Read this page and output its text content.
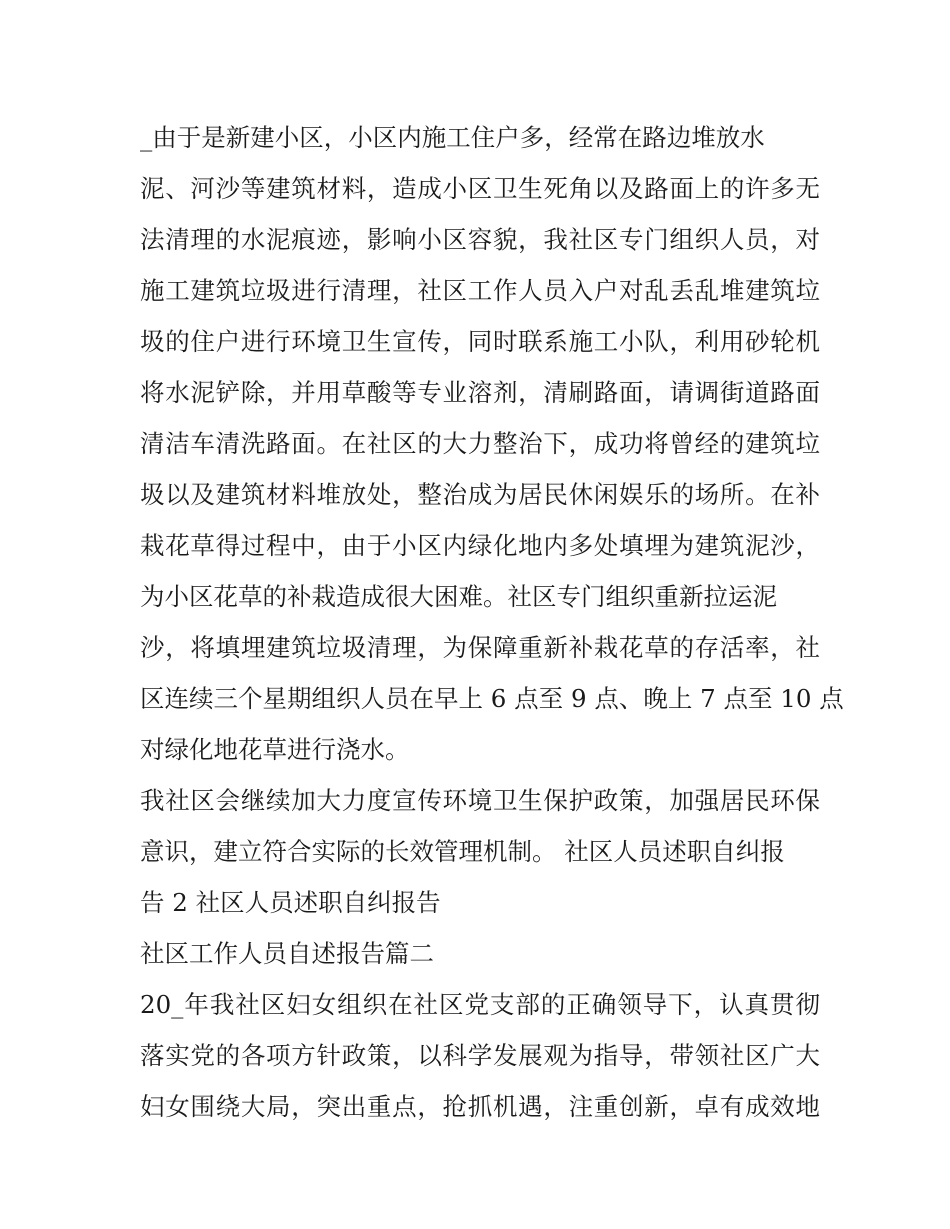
_由于是新建小区，小区内施工住户多，经常在路边堆放水
泥、河沙等建筑材料，造成小区卫生死角以及路面上的许多无
法清理的水泥痕迹，影响小区容貌，我社区专门组织人员，对
施工建筑垃圾进行清理，社区工作人员入户对乱丢乱堆建筑垃
圾的住户进行环境卫生宣传，同时联系施工小队，利用砂轮机
将水泥铲除，并用草酸等专业溶剂，清刷路面，请调街道路面
清洁车清洗路面。在社区的大力整治下，成功将曾经的建筑垃
圾以及建筑材料堆放处，整治成为居民休闲娱乐的场所。在补
栽花草得过程中，由于小区内绿化地内多处填埋为建筑泥沙，
为小区花草的补栽造成很大困难。社区专门组织重新拉运泥
沙，将填埋建筑垃圾清理，为保障重新补栽花草的存活率，社
区连续三个星期组织人员在早上 6 点至 9 点、晚上 7 点至 10 点
对绿化地花草进行浇水。
我社区会继续加大力度宣传环境卫生保护政策，加强居民环保
意识，建立符合实际的长效管理机制。 社区人员述职自纠报
告 2 社区人员述职自纠报告
社区工作人员自述报告篇二
20_年我社区妇女组织在社区党支部的正确领导下，认真贯彻
落实党的各项方针政策，以科学发展观为指导，带领社区广大
妇女围绕大局，突出重点，抢抓机遇，注重创新，卓有成效地
